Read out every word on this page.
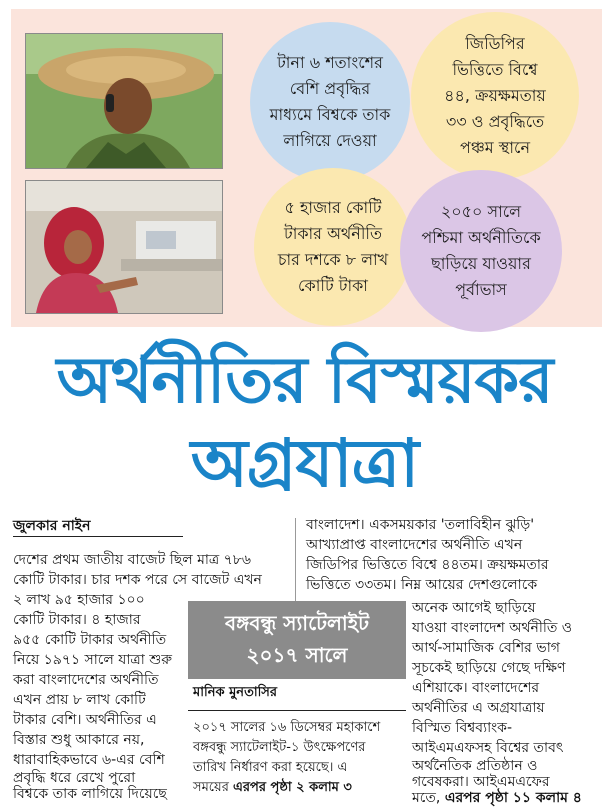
টানা ৬ শতাংশের
বেশি প্রবৃদ্ধির
মাধ্যমে বিশ্বকে তাক
লাগিয়ে দেওয়া
জিডিপির
ভিত্তিতে বিশ্বে
৪৪, ক্রয়ক্ষমতায়
৩৩ ও প্রবৃদ্ধিতে
পঞ্চম স্থানে
৫ হাজার কোটি
টাকার অর্থনীতি
চার দশকে ৮ লাখ
কোটি টাকা
২০৫০ সালে
পশ্চিমা অর্থনীতিকে
ছাড়িয়ে যাওয়ার
পূর্বাভাস
অর্থনীতির বিস্ময়কর
অগ্রযাত্রা
জুলকার নাইন
দেশের প্রথম জাতীয় বাজেট ছিল মাত্র ৭৮৬
কোটি টাকার। চার দশক পরে সে বাজেট এখন
২ লাখ ৯৫ হাজার ১০০
কোটি টাকার। ৪ হাজার
৯৫৫ কোটি টাকার অর্থনীতি
নিয়ে ১৯৭১ সালে যাত্রা শুরু
করা বাংলাদেশের অর্থনীতি
এখন প্রায় ৮ লাখ কোটি
টাকার বেশি। অর্থনীতির এ
বিস্তার শুধু আকারে নয়,
ধারাবাহিকভাবে ৬-এর বেশি
প্রবৃদ্ধি ধরে রেখে পুরো
বিশ্বকে তাক লাগিয়ে দিয়েছে
বাংলাদেশ। একসময়কার 'তলাবিহীন ঝুড়ি'
আখ্যাপ্রাপ্ত বাংলাদেশের অর্থনীতি এখন
জিডিপির ভিত্তিতে বিশ্বে ৪৪তম। ক্রয়ক্ষমতার
ভিত্তিতে ৩৩তম। নিম্ন আয়ের দেশগুলোকে
অনেক আগেই ছাড়িয়ে
যাওয়া বাংলাদেশ অর্থনীতি ও
আর্থ-সামাজিক বেশির ভাগ
সূচকেই ছাড়িয়ে গেছে দক্ষিণ
এশিয়াকে। বাংলাদেশের
অর্থনীতির এ অগ্রযাত্রায়
বিস্মিত বিশ্বব্যাংক-
আইএমএফসহ বিশ্বের তাবৎ
অর্থনৈতিক প্রতিষ্ঠান ও
গবেষকরা। আইএমএফের
মতে, এরপর পৃষ্ঠা ১১ কলাম ৪
বঙ্গবন্ধু স্যাটেলাইট
২০১৭ সালে
মানিক মুনতাসির
২০১৭ সালের ১৬ ডিসেম্বর মহাকাশে
বঙ্গবন্ধু স্যাটেলাইট-১ উৎক্ষেপণের
তারিখ নির্ধারণ করা হয়েছে। এ
সময়ের এরপর পৃষ্ঠা ২ কলাম ৩
